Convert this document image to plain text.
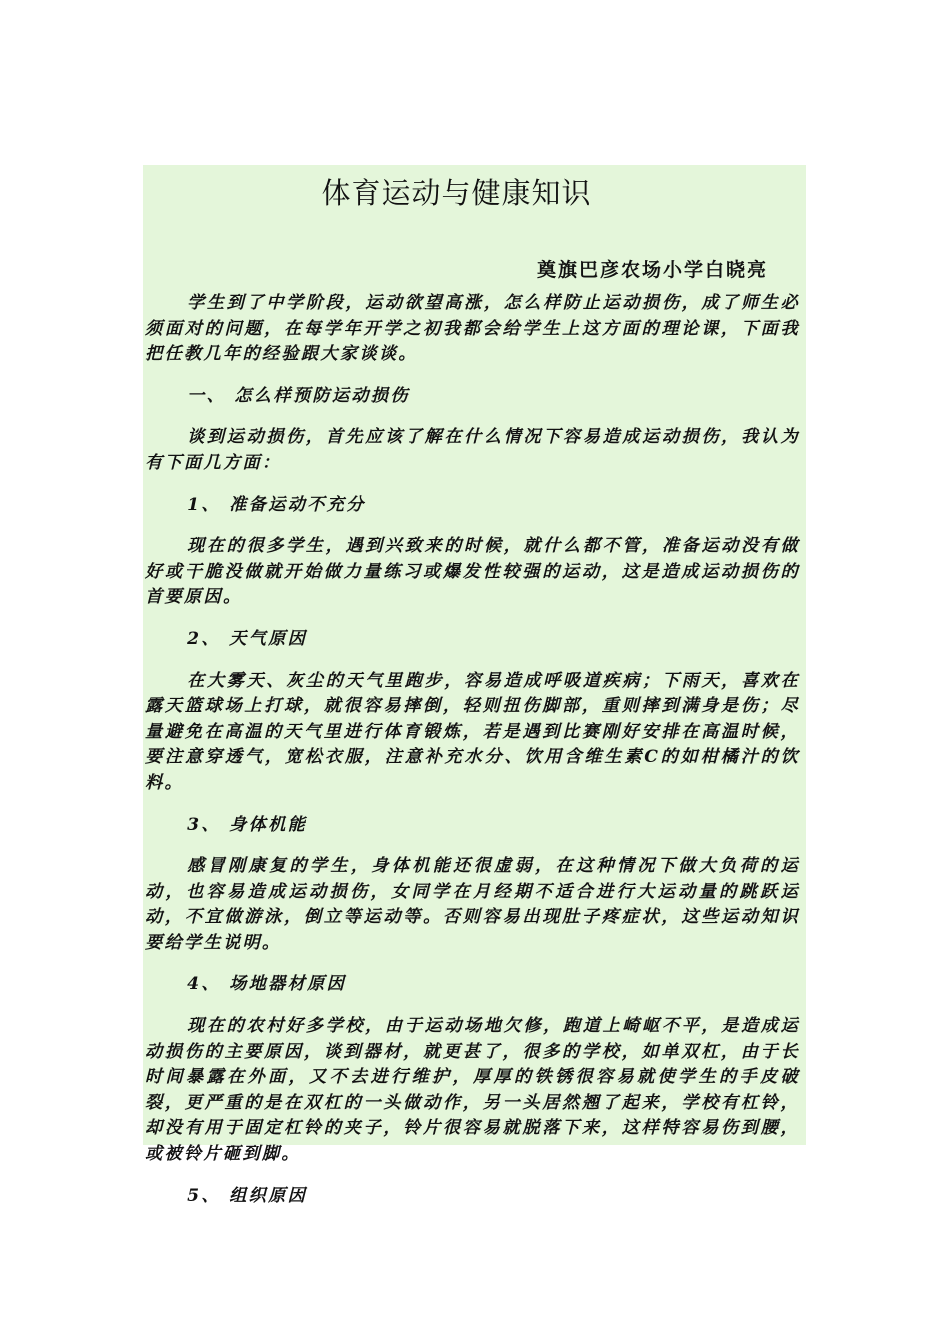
体育运动与健康知识
奠旗巴彦农场小学白晓亮

学生到了中学阶段，运动欲望高涨，怎么样防止运动损伤，成了师生必须面对的问题，在每学年开学之初我都会给学生上这方面的理论课，下面我把任教几年的经验跟大家谈谈。

一、 怎么样预防运动损伤

谈到运动损伤，首先应该了解在什么情况下容易造成运动损伤，我认为有下面几方面：

1、 准备运动不充分

现在的很多学生，遇到兴致来的时候，就什么都不管，准备运动没有做好或干脆没做就开始做力量练习或爆发性较强的运动，这是造成运动损伤的首要原因。

2、 天气原因

在大雾天、灰尘的天气里跑步，容易造成呼吸道疾病；下雨天，喜欢在露天篮球场上打球，就很容易摔倒，轻则扭伤脚部，重则摔到满身是伤；尽量避免在高温的天气里进行体育锻炼，若是遇到比赛刚好安排在高温时候，要注意穿透气，宽松衣服，注意补充水分、饮用含维生素C的如柑橘汁的饮料。

3、 身体机能

感冒刚康复的学生，身体机能还很虚弱，在这种情况下做大负荷的运动，也容易造成运动损伤，女同学在月经期不适合进行大运动量的跳跃运动，不宜做游泳，倒立等运动等。否则容易出现肚子疼症状，这些运动知识要给学生说明。

4、 场地器材原因

现在的农村好多学校，由于运动场地欠修，跑道上崎岖不平，是造成运动损伤的主要原因，谈到器材，就更甚了，很多的学校，如单双杠，由于长时间暴露在外面，又不去进行维护，厚厚的铁锈很容易就使学生的手皮破裂，更严重的是在双杠的一头做动作，另一头居然翘了起来，学校有杠铃，却没有用于固定杠铃的夹子，铃片很容易就脱落下来，这样特容易伤到腰，或被铃片砸到脚。

5、 组织原因
